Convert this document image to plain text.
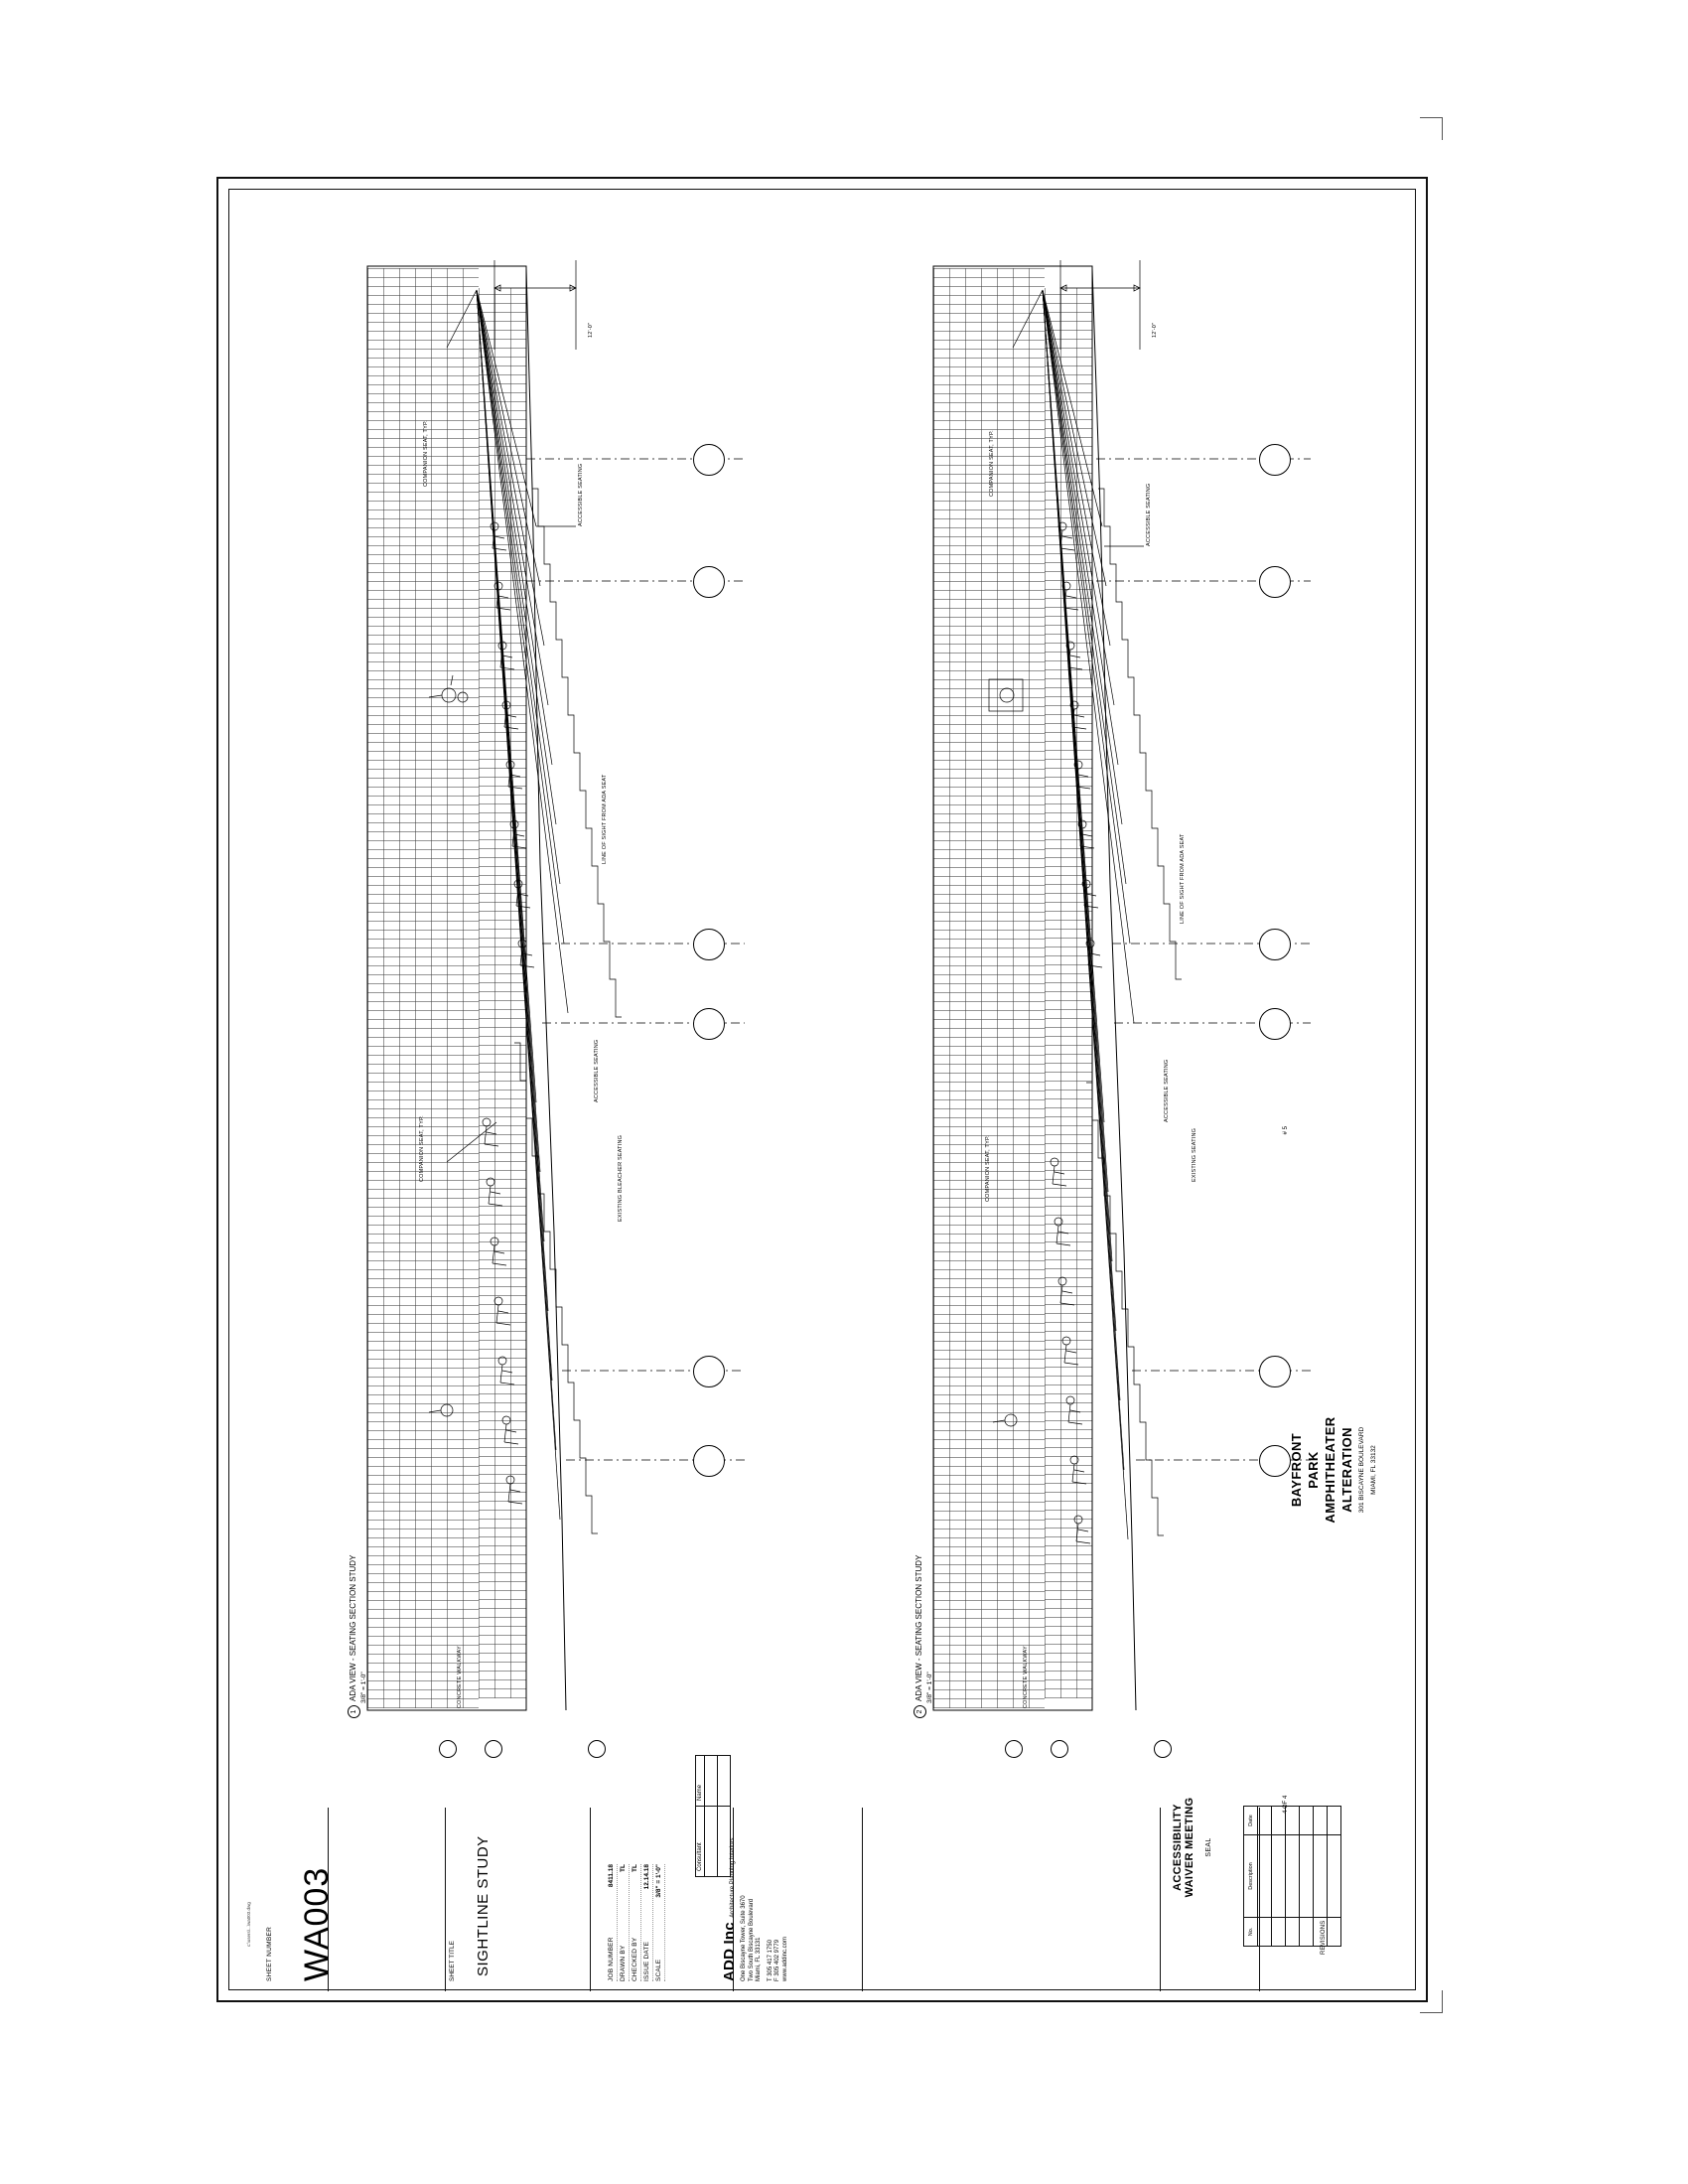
ACCESSIBLE SEATING
ACCESSIBLE SEATING
COMPANION SEAT, TYP.
COMPANION SEAT, TYP.	EXISTING BLEACHER SEATING
LINE OF SIGHT FROM ADA SEAT
CONCRETE WALKWAY
12'-0"
1ADA VIEW - SEATING SECTION STUDY 3/8" = 1'-0"
ACCESSIBLE SEATING
ACCESSIBLE SEATING
COMPANION SEAT, TYP.
COMPANION SEAT, TYP.
LINE OF SIGHT FROM ADA SEAT
EXISTING SEATING
CONCRETE WALKWAY
12'-0"
2ADA VIEW - SEATING SECTION STUDY 3/8" = 1'-0"
4 OF 4
# 5
BAYFRONT PARK AMPHITHEATER ALTERATION 301 BISCAYNE BOULEVARD MIAMI, FL 33132
No.	Description	Date

REVISIONS
ACCESSIBILITY WAIVER MEETING SEAL
Consultant	Name

ADD Inc Architecture Planning Interiors
One Biscayne Tower, Suite 3670 Two South Biscayne Boulevard Miami, FL 33131 T 305 417 1750 F 305 402 9779 www.addinc.com
JOB NUMBER
8411.18
DRAWN BY
TL
CHECKED BY
TL
ISSUE DATE
12.14.18
SCALE
3/8" = 1'-0"
SHEET TITLE SIGHTLINE STUDY
SHEET NUMBER WA003
c:\users\...\wa003.dwg
